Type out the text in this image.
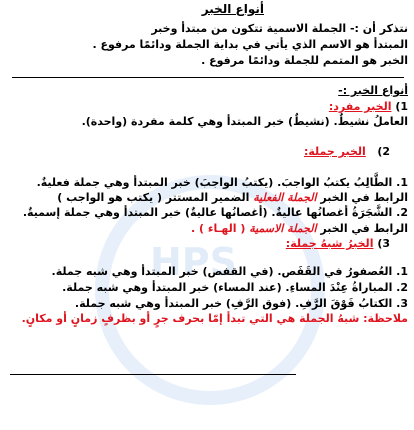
HPS
أنواع الخبر
نتذكر أن :- الجملة الاسمية تتكون من مبتدأ وخبر
المبتدأ هو الاسم الذي يأتي في بداية الجملة ودائمًا مرفوع .
الخبر هو المتمم للجملة ودائمًا مرفوع .
أنواع الخبر :-
1) الخبر مفرد:
العاملُ نشيطٌ. (نشيطٌ) خبر المبتدأ وهي كلمة مفردة (واحدة).
2)   الخبر جملة:
1. الطَّالِبُ يكتبُ الواجبَ. (يكتبُ الواجبَ) خبر المبتدأ وهي جملة فعليةٌ.
الرابط في الخبر الجملة الفعلية الضمير المستتر ( يكتب هو الواجب )
2. الشَّجَرَةُ أغصانُها عاليةٌ. (أغصانُها عاليةٌ) خبر المبتدأ وهي جملة إسميةٌ.
الرابط في الخبر الجملة الاسمية ( الهـاء ) .
3) الخبرُ شبهُ جملة:
1. العُصفورُ في القَفَص. (في القفص) خبر المبتدأ وهي شبه جملة.
2. المباراةُ عِنْدَ المساءِ. (عند المساء) خبر المبتدأ وهي شبه جملة.
3. الكتابُ فَوْقَ الرَّفِ. (فوق الرَّفِ) خبر المبتدأ وهي شبه جملة.
ملاحظة: شبهُ الجملة هي التي تبدأ إمّا بحرف جرٍ أو بظرفٍ زمانٍ أو مكانٍ.
